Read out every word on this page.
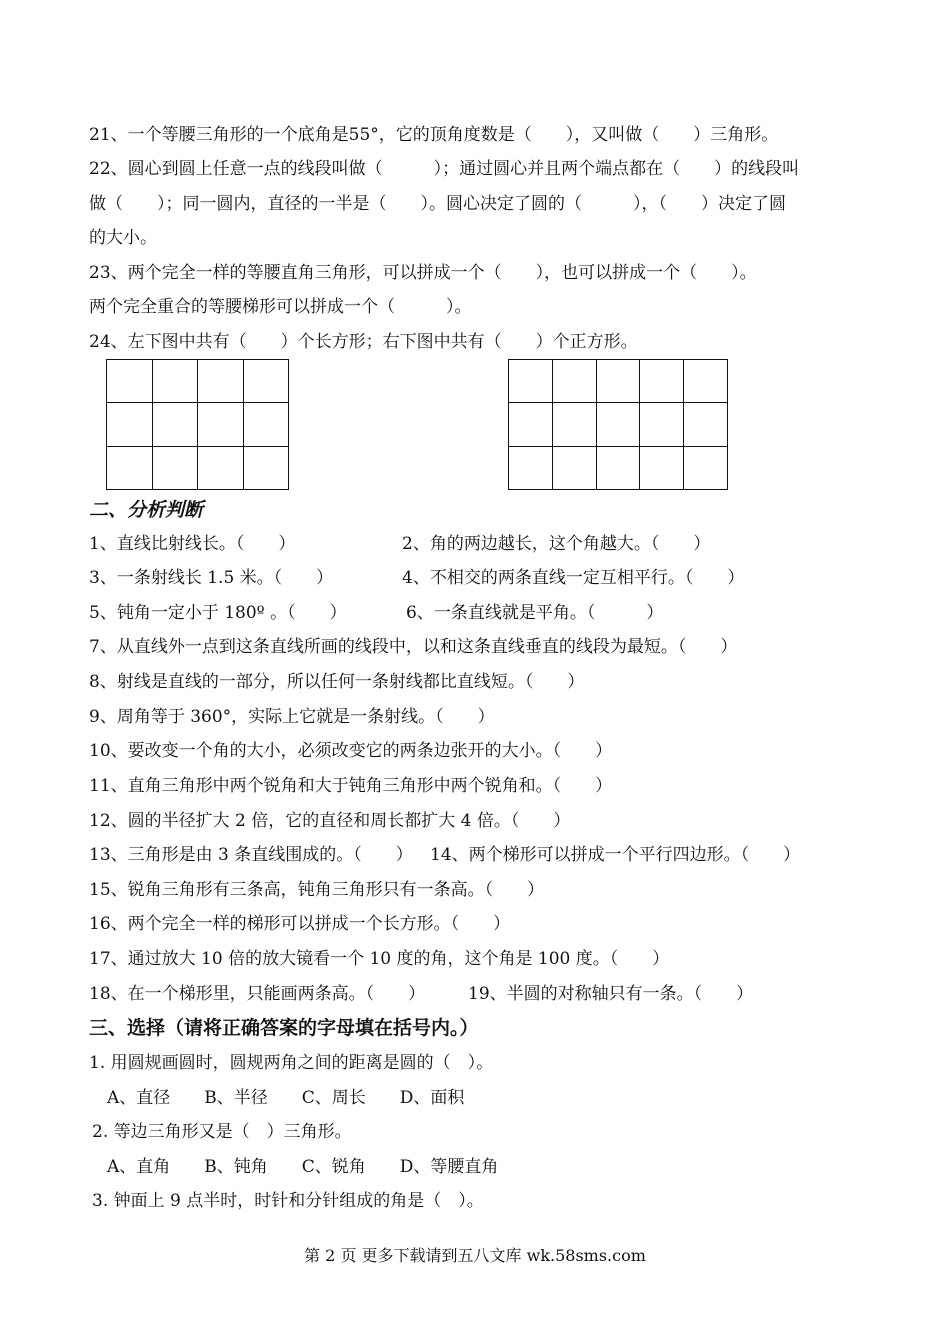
21、一个等腰三角形的一个底角是55°，它的顶角度数是（　　），又叫做（　　）三角形。
22、圆心到圆上任意一点的线段叫做（　　　）；通过圆心并且两个端点都在（　　）的线段叫
做（　　）；同一圆内，直径的一半是（　　）。圆心决定了圆的（　　　），（　　）决定了圆
的大小。
23、两个完全一样的等腰直角三角形，可以拼成一个（　　），也可以拼成一个（　　）。
两个完全重合的等腰梯形可以拼成一个（　　　）。
24、左下图中共有（　　）个长方形；右下图中共有（　　）个正方形。

二、分析判断
1、直线比射线长。（　　）	2、角的两边越长，这个角越大。（　　）
3、一条射线长 1.5 米。（　　）	4、不相交的两条直线一定互相平行。（　　）
5、钝角一定小于 180º 。（　　）	6、一条直线就是平角。（　　　）
7、从直线外一点到这条直线所画的线段中，以和这条直线垂直的线段为最短。（　　）
8、射线是直线的一部分，所以任何一条射线都比直线短。（　　）
9、周角等于 360°，实际上它就是一条射线。（　　）
10、要改变一个角的大小，必须改变它的两条边张开的大小。（　　）
11、直角三角形中两个锐角和大于钝角三角形中两个锐角和。（　　）
12、圆的半径扩大 2 倍，它的直径和周长都扩大 4 倍。（　　）
13、三角形是由 3 条直线围成的。（　　） 14、两个梯形可以拼成一个平行四边形。（　　）
15、锐角三角形有三条高，钝角三角形只有一条高。（　　）
16、两个完全一样的梯形可以拼成一个长方形。（　　）
17、通过放大 10 倍的放大镜看一个 10 度的角，这个角是 100 度。（　　）
18、在一个梯形里，只能画两条高。（　　）	19、半圆的对称轴只有一条。（　　）
三、选择（请将正确答案的字母填在括号内。）
1. 用圆规画圆时，圆规两角之间的距离是圆的（　）。
A、直径　　B、半径　　C、周长　　D、面积
2. 等边三角形又是（　）三角形。
A、直角　　B、钝角　　C、锐角　　D、等腰直角
3. 钟面上 9 点半时，时针和分针组成的角是（　）。
第 2 页 更多下载请到五八文库 wk.58sms.com
